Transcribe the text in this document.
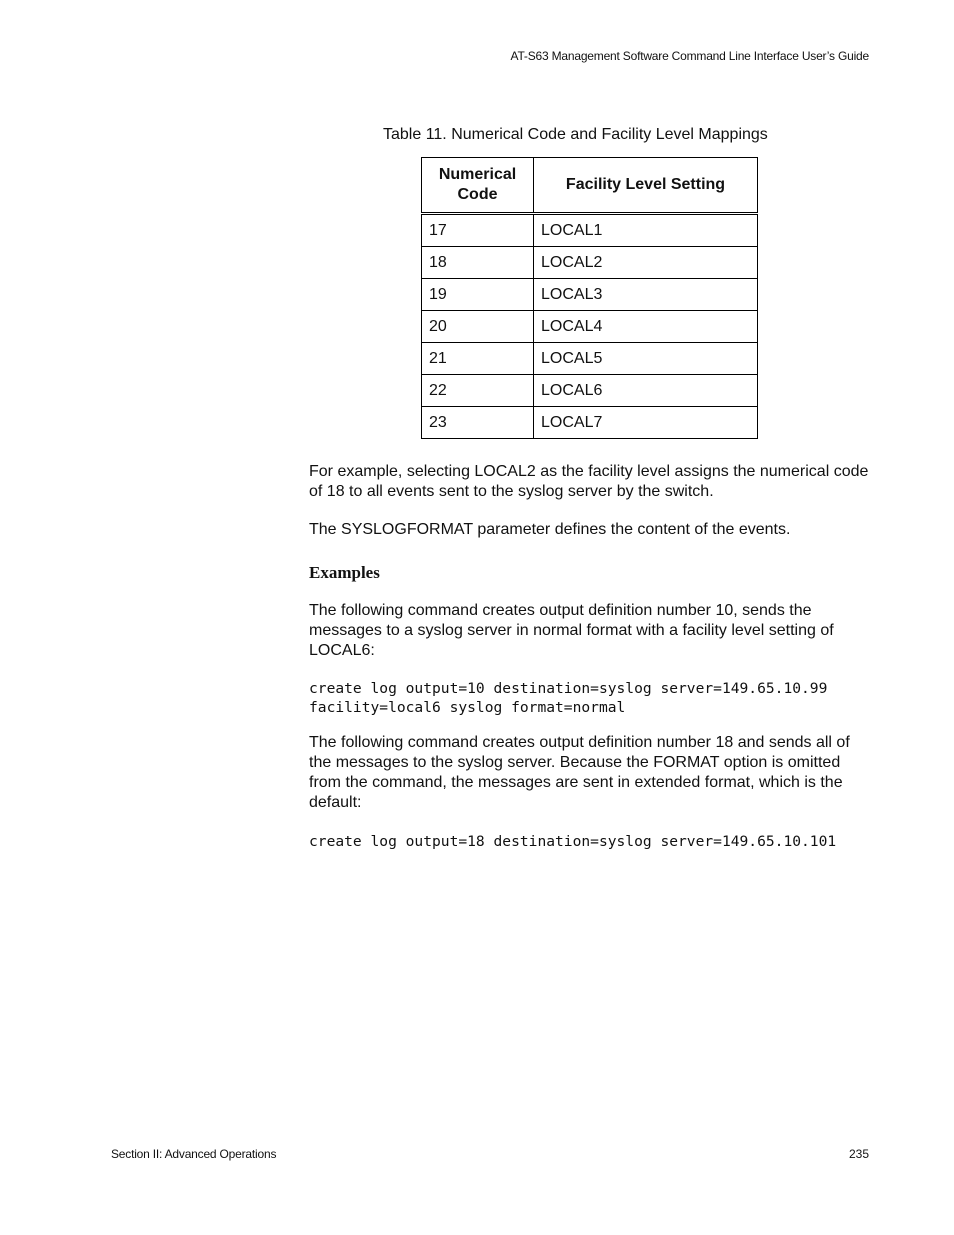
AT-S63 Management Software Command Line Interface User’s Guide
Table 11. Numerical Code and Facility Level Mappings
Numerical Code	Facility Level Setting
17	LOCAL1
18	LOCAL2
19	LOCAL3
20	LOCAL4
21	LOCAL5
22	LOCAL6
23	LOCAL7
For example, selecting LOCAL2 as the facility level assigns the numerical code of 18 to all events sent to the syslog server by the switch.
The SYSLOGFORMAT parameter defines the content of the events.
Examples
The following command creates output definition number 10, sends the messages to a syslog server in normal format with a facility level setting of LOCAL6:
create log output=10 destination=syslog server=149.65.10.99
facility=local6 syslog format=normal
The following command creates output definition number 18 and sends all of the messages to the syslog server. Because the FORMAT option is omitted from the command, the messages are sent in extended format, which is the default:
create log output=18 destination=syslog server=149.65.10.101
Section II: Advanced Operations	235
